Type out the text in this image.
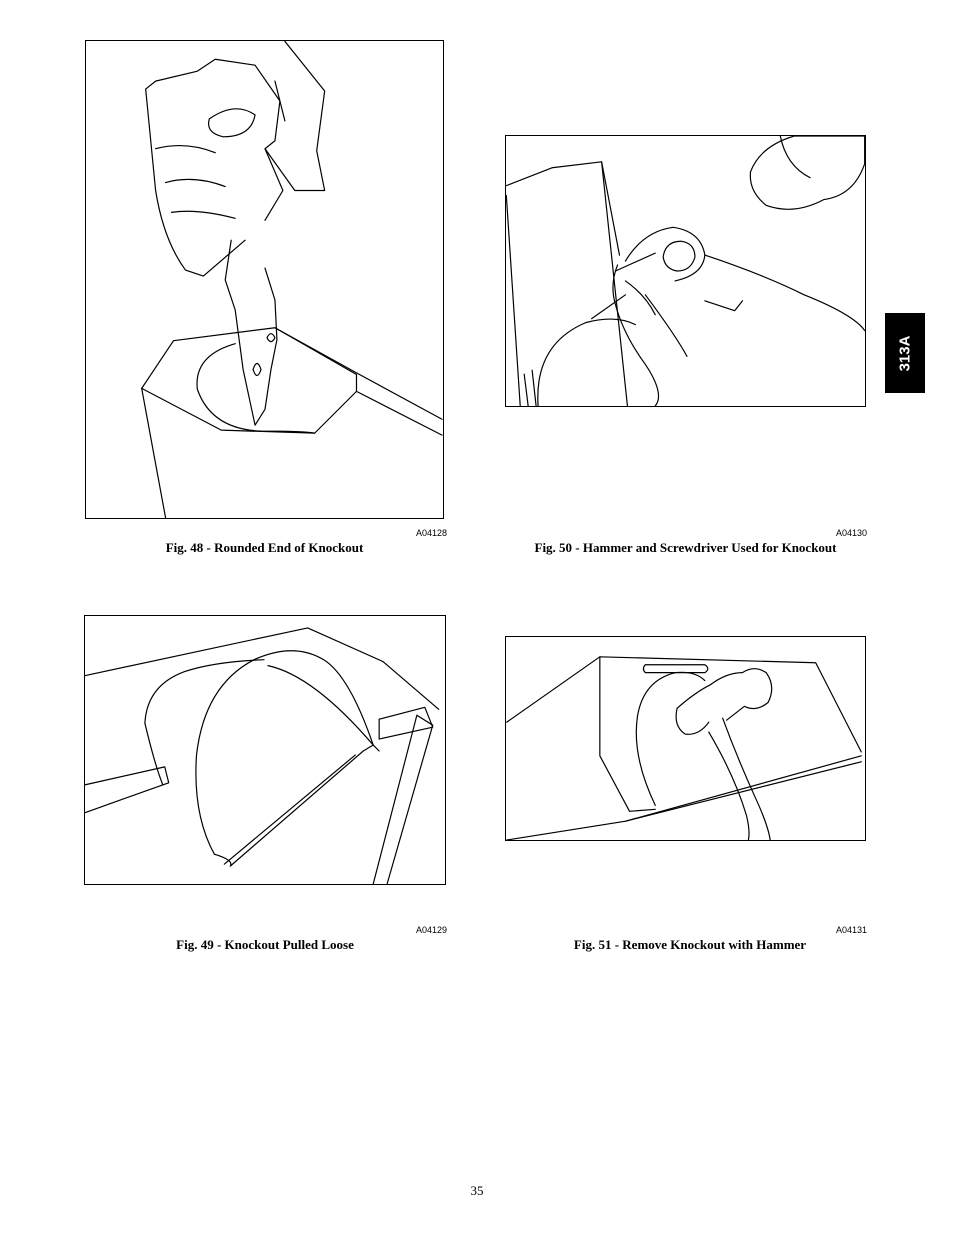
313A
A04128
Fig. 48 - Rounded End of Knockout
A04130
Fig. 50 - Hammer and Screwdriver Used for Knockout
A04129
Fig. 49 - Knockout Pulled Loose
A04131
Fig. 51 - Remove Knockout with Hammer
35
